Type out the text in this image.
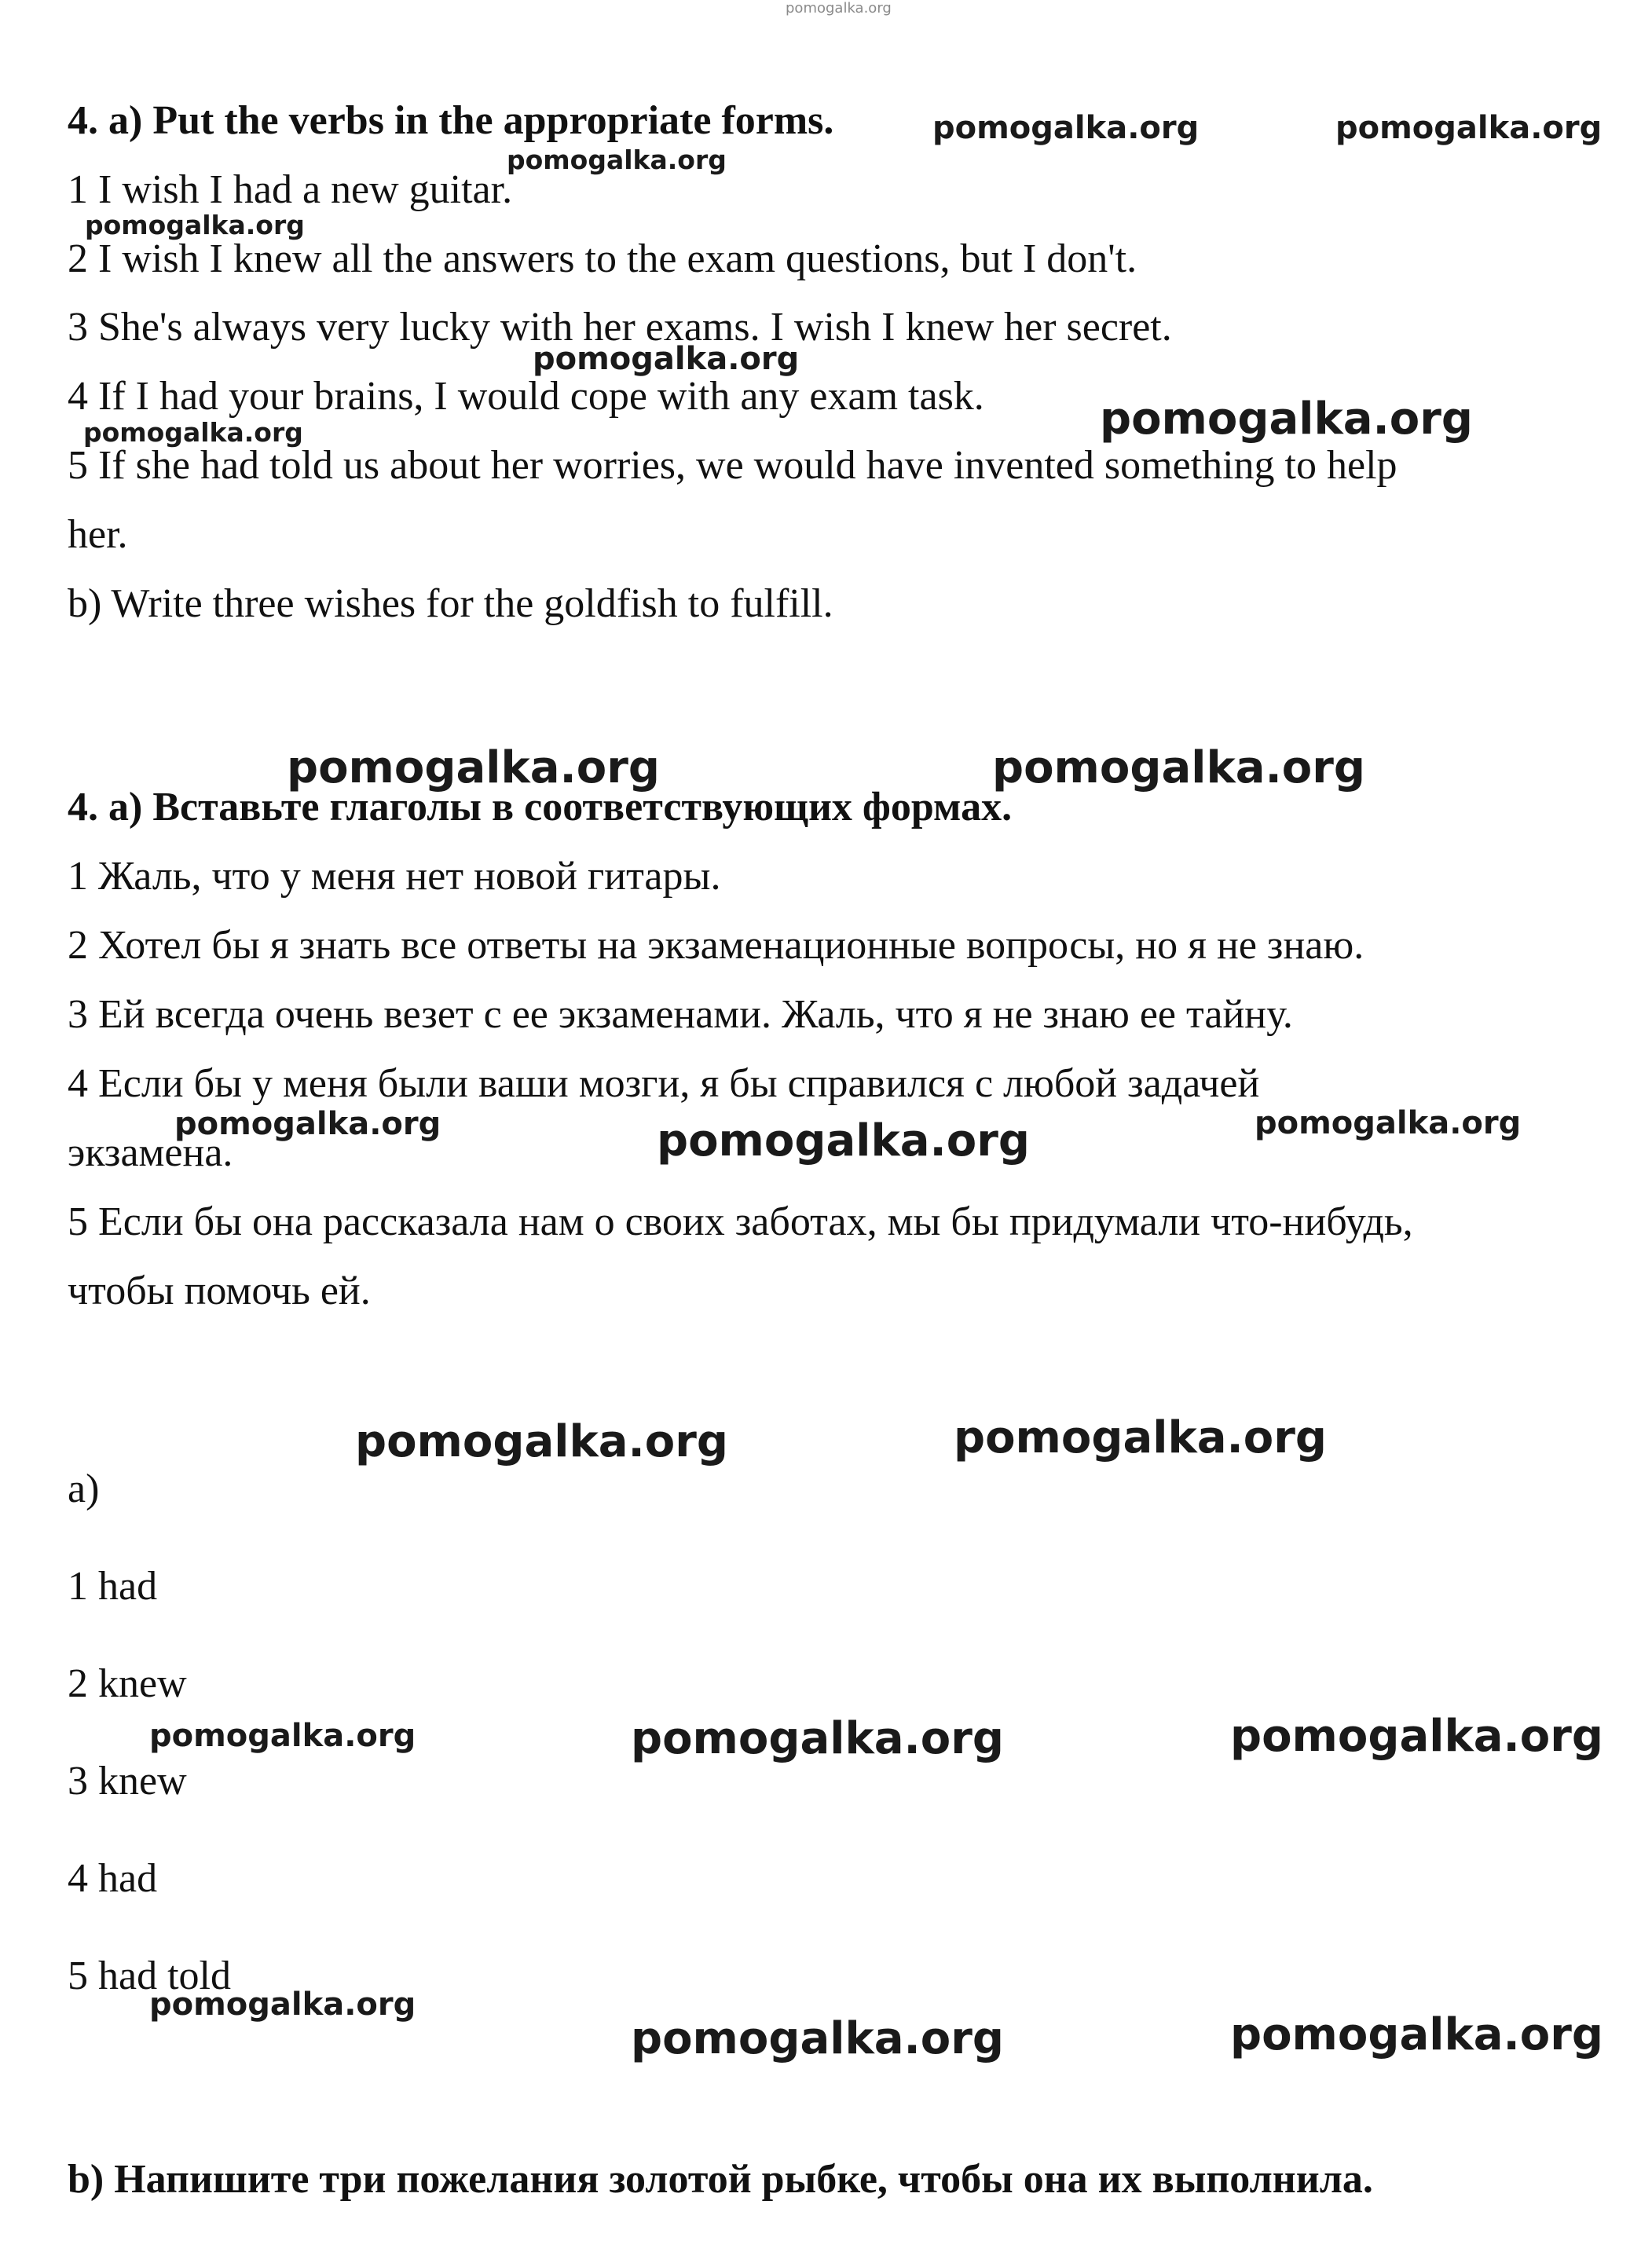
pomogalka.org
4. a) Put the verbs in the appropriate forms.
1 I wish I had a new guitar.
2 I wish I knew all the answers to the exam questions, but I don't.
3 She's always very lucky with her exams. I wish I knew her secret.
4 If I had your brains, I would cope with any exam task.
5 If she had told us about her worries, we would have invented something to help
her.
b) Write three wishes for the goldfish to fulfill.
4. а) Вставьте глаголы в соответствующих формах.
1 Жаль, что у меня нет новой гитары.
2 Хотел бы я знать все ответы на экзаменационные вопросы, но я не знаю.
3 Ей всегда очень везет с ее экзаменами. Жаль, что я не знаю ее тайну.
4 Если бы у меня были ваши мозги, я бы справился с любой задачей
экзамена.
5 Если бы она рассказала нам о своих заботах, мы бы придумали что-нибудь,
чтобы помочь ей.
a)
1 had
2 knew
3 knew
4 had
5 had told
b) Напишите три пожелания золотой рыбке, чтобы она их выполнила.
pomogalka.org	pomogalka.org
pomogalka.org
pomogalka.org
pomogalka.org
pomogalka.org	pomogalka.org
pomogalka.org	pomogalka.org
pomogalka.org	pomogalka.org	pomogalka.org
pomogalka.org	pomogalka.org
pomogalka.org	pomogalka.org	pomogalka.org
pomogalka.org
pomogalka.org	pomogalka.org
